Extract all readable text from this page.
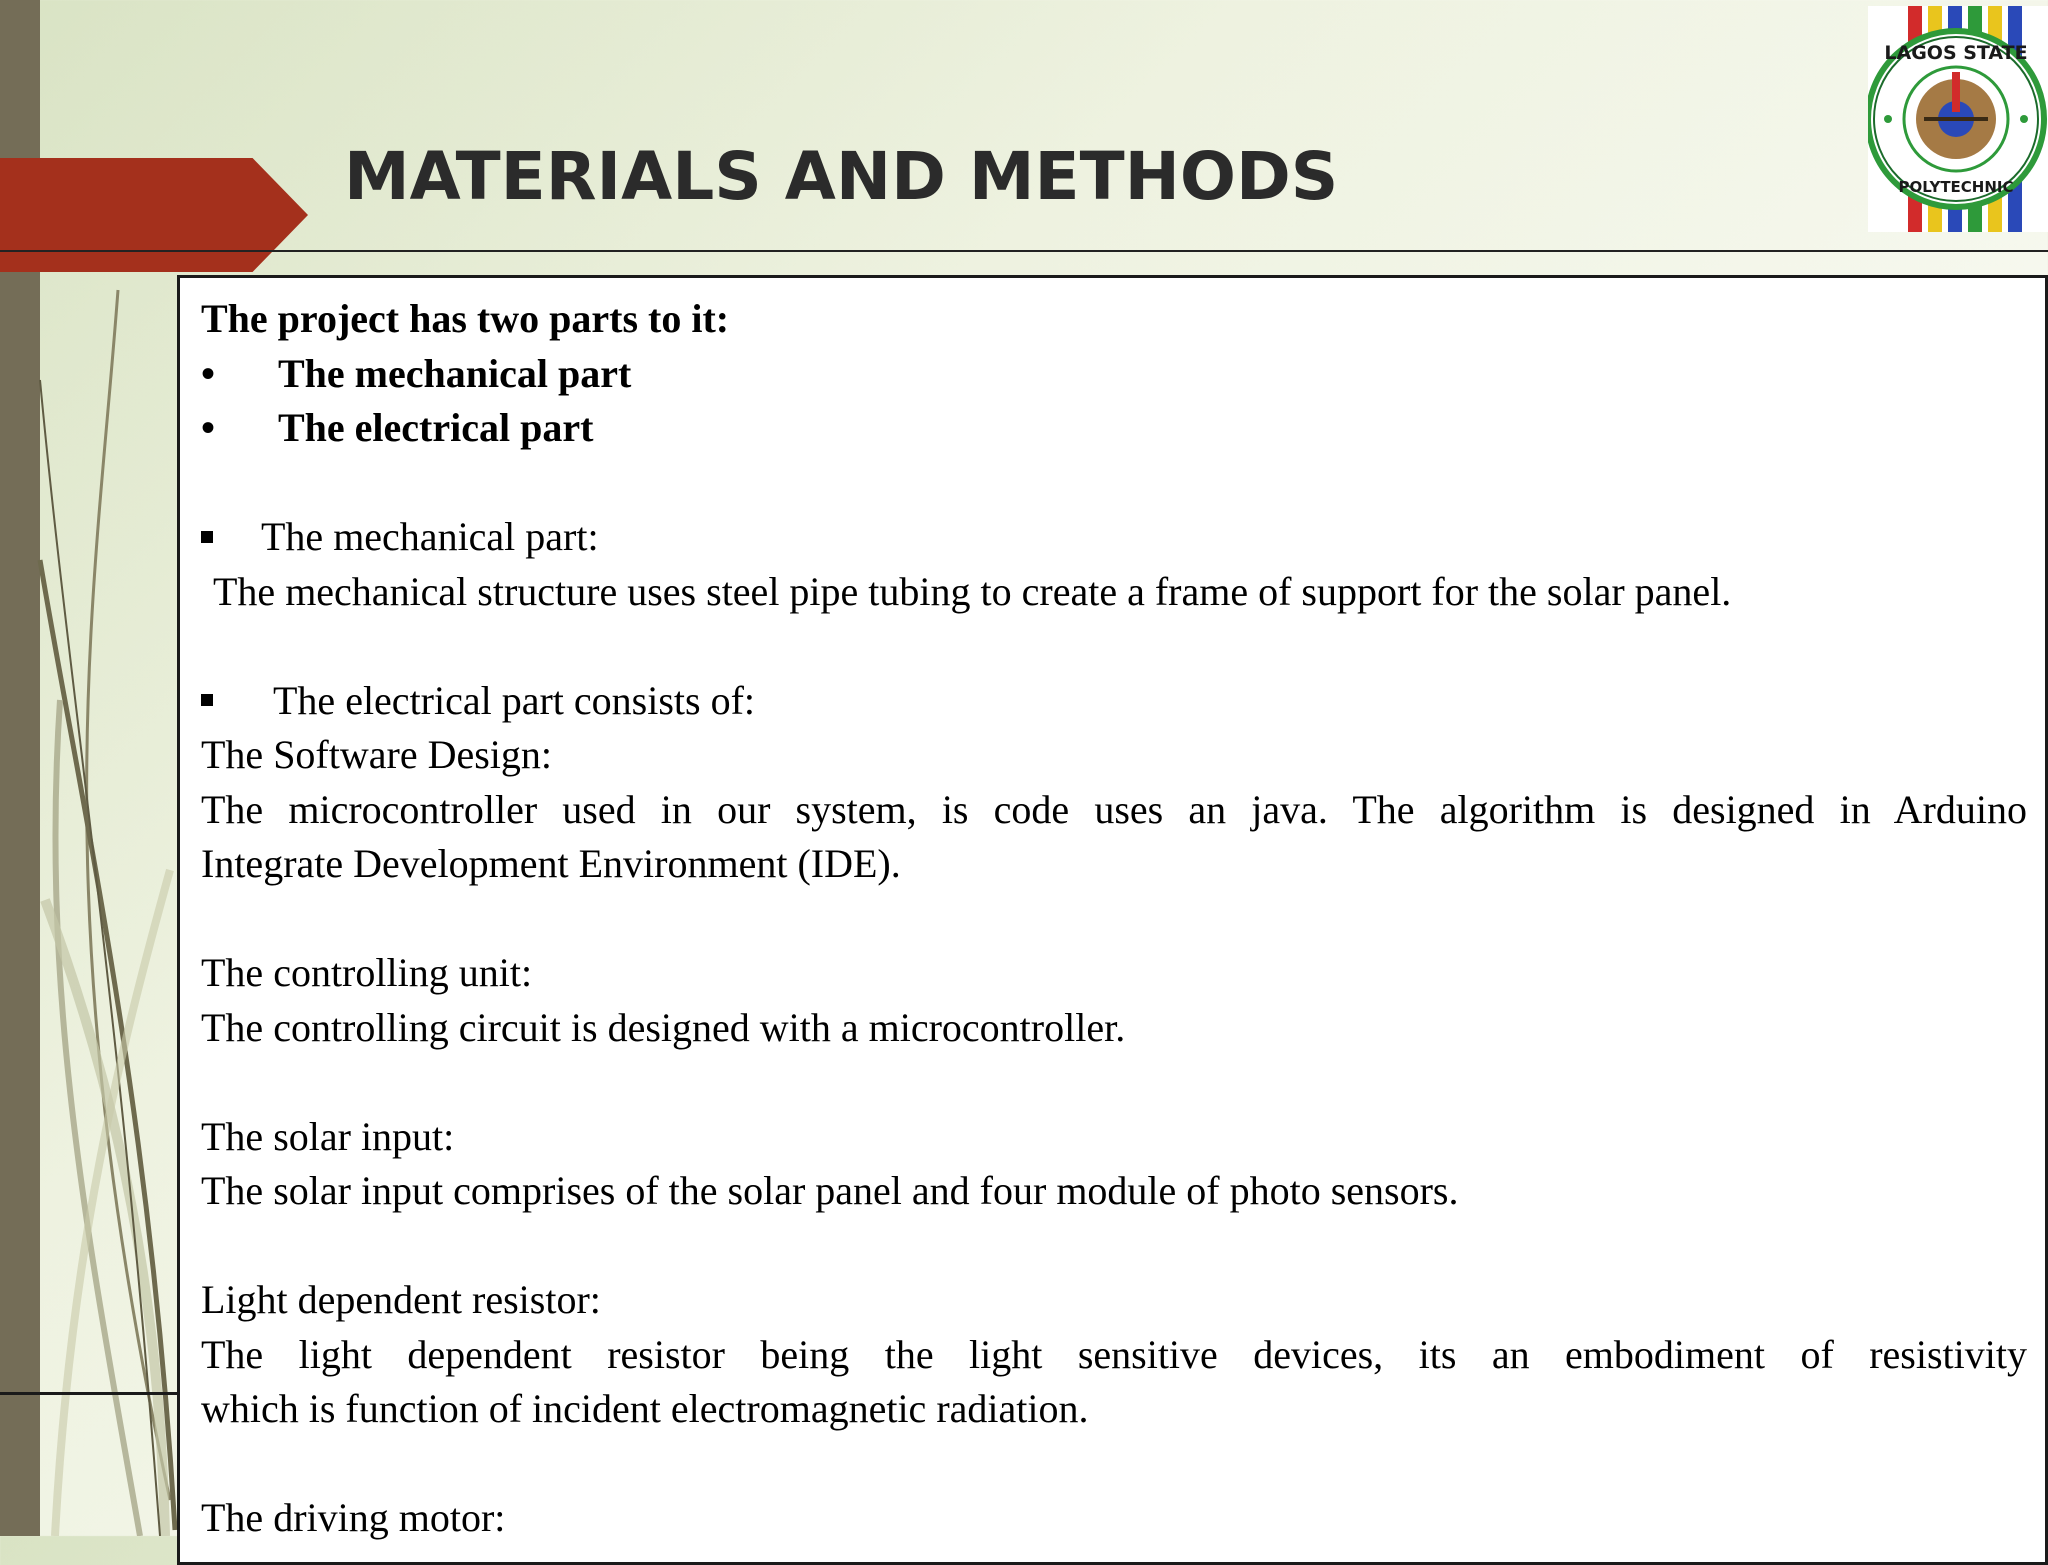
MATERIALS AND METHODS
LAGOS STATE
POLYTECHNIC

The project has two parts to it:

• The mechanical part

• The electrical part

The mechanical part:

The mechanical structure uses steel pipe tubing to create a frame of support for the solar panel.

The electrical part consists of:

The Software Design:

The microcontroller used in our system, is code uses an java. The algorithm is designed in Arduino

Integrate Development Environment (IDE).

The controlling unit:

The controlling circuit is designed with a microcontroller.

The solar input:

The solar input comprises of the solar panel and four module of photo sensors.

Light dependent resistor:

The light dependent resistor being the light sensitive devices, its an embodiment of resistivity

which is function of incident electromagnetic radiation.

The driving motor:
